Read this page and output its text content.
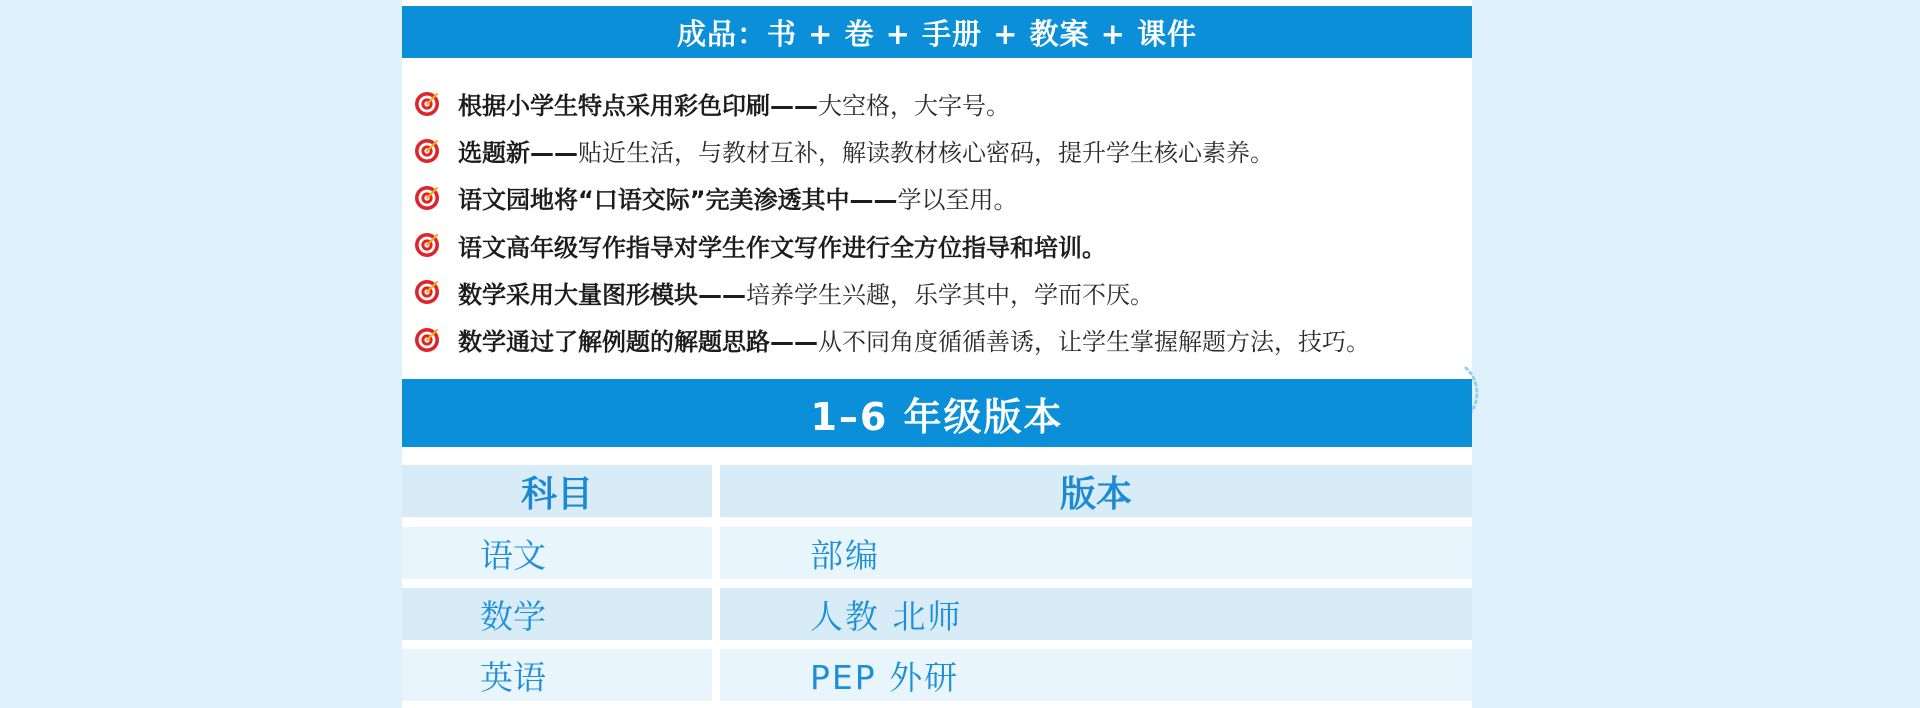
成品：书 + 卷 + 手册 + 教案 + 课件
根据小学生特点采用彩色印刷—— 大空格，大字号。
选题新—— 贴近生活，与教材互补，解读教材核心密码，提升学生核心素养。
语文园地将“口语交际”完美渗透其中—— 学以至用。
语文高年级写作指导对学生作文写作进行全方位指导和培训。
数学采用大量图形模块—— 培养学生兴趣，乐学其中，学而不厌。
数学通过了解例题的解题思路—— 从不同角度循循善诱，让学生掌握解题方法，技巧。
1–6 年级版本
科目	版本
语文	部编
数学	人教 北师
英语	PEP 外研
